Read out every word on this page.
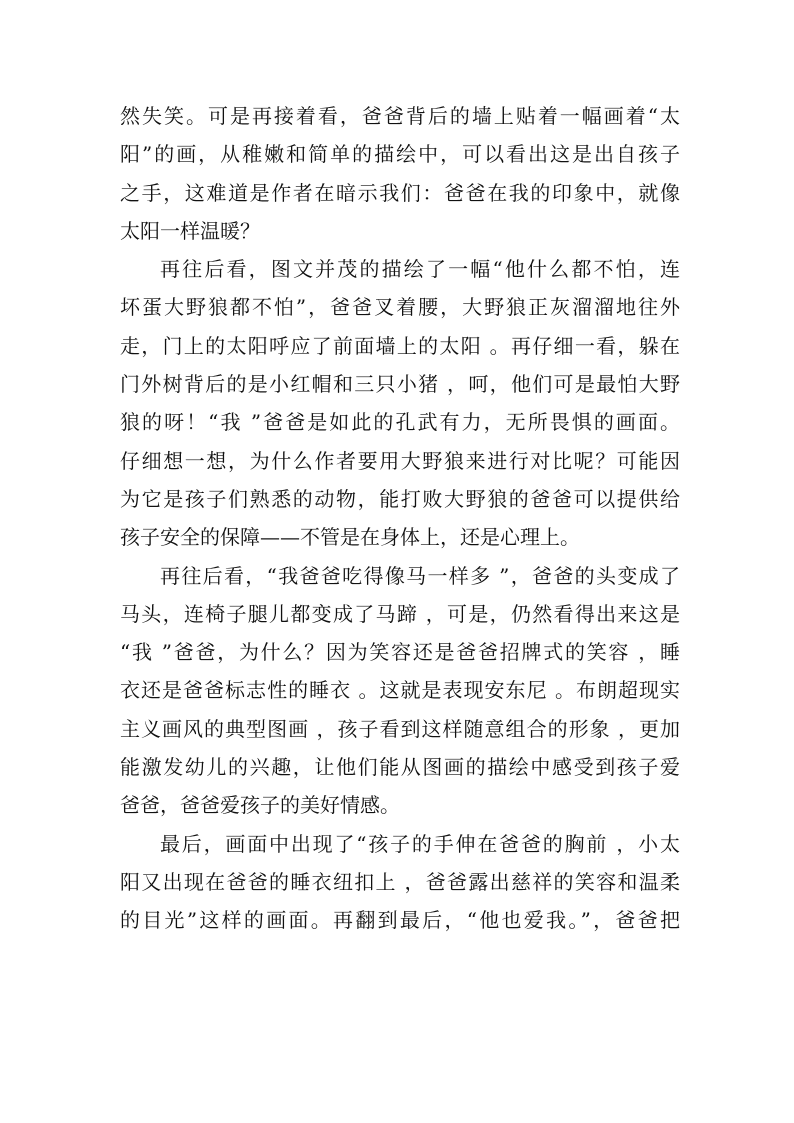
然失笑。可是再接着看，爸爸背后的墙上贴着一幅画着“太
阳”的画，从稚嫩和简单的描绘中，可以看出这是出自孩子
之手，这难道是作者在暗示我们：爸爸在我的印象中，就像
太阳一样温暖？
再往后看，图文并茂的描绘了一幅“他什么都不怕，连
坏蛋大野狼都不怕”，爸爸叉着腰，大野狼正灰溜溜地往外
走，门上的太阳呼应了前面墙上的太阳 。再仔细一看，躲在
门外树背后的是小红帽和三只小猪 ，呵，他们可是最怕大野
狼的呀！“我 ”爸爸是如此的孔武有力，无所畏惧的画面。
仔细想一想，为什么作者要用大野狼来进行对比呢？可能因
为它是孩子们熟悉的动物，能打败大野狼的爸爸可以提供给
孩子安全的保障——不管是在身体上，还是心理上。
再往后看，“我爸爸吃得像马一样多 ”，爸爸的头变成了
马头，连椅子腿儿都变成了马蹄 ，可是，仍然看得出来这是
“我 ”爸爸，为什么？因为笑容还是爸爸招牌式的笑容 ，睡
衣还是爸爸标志性的睡衣 。这就是表现安东尼 。布朗超现实
主义画风的典型图画 ，孩子看到这样随意组合的形象 ，更加
能激发幼儿的兴趣，让他们能从图画的描绘中感受到孩子爱
爸爸，爸爸爱孩子的美好情感。
最后，画面中出现了“孩子的手伸在爸爸的胸前 ，小太
阳又出现在爸爸的睡衣纽扣上 ，爸爸露出慈祥的笑容和温柔
的目光”这样的画面。再翻到最后，“他也爱我。”，爸爸把
